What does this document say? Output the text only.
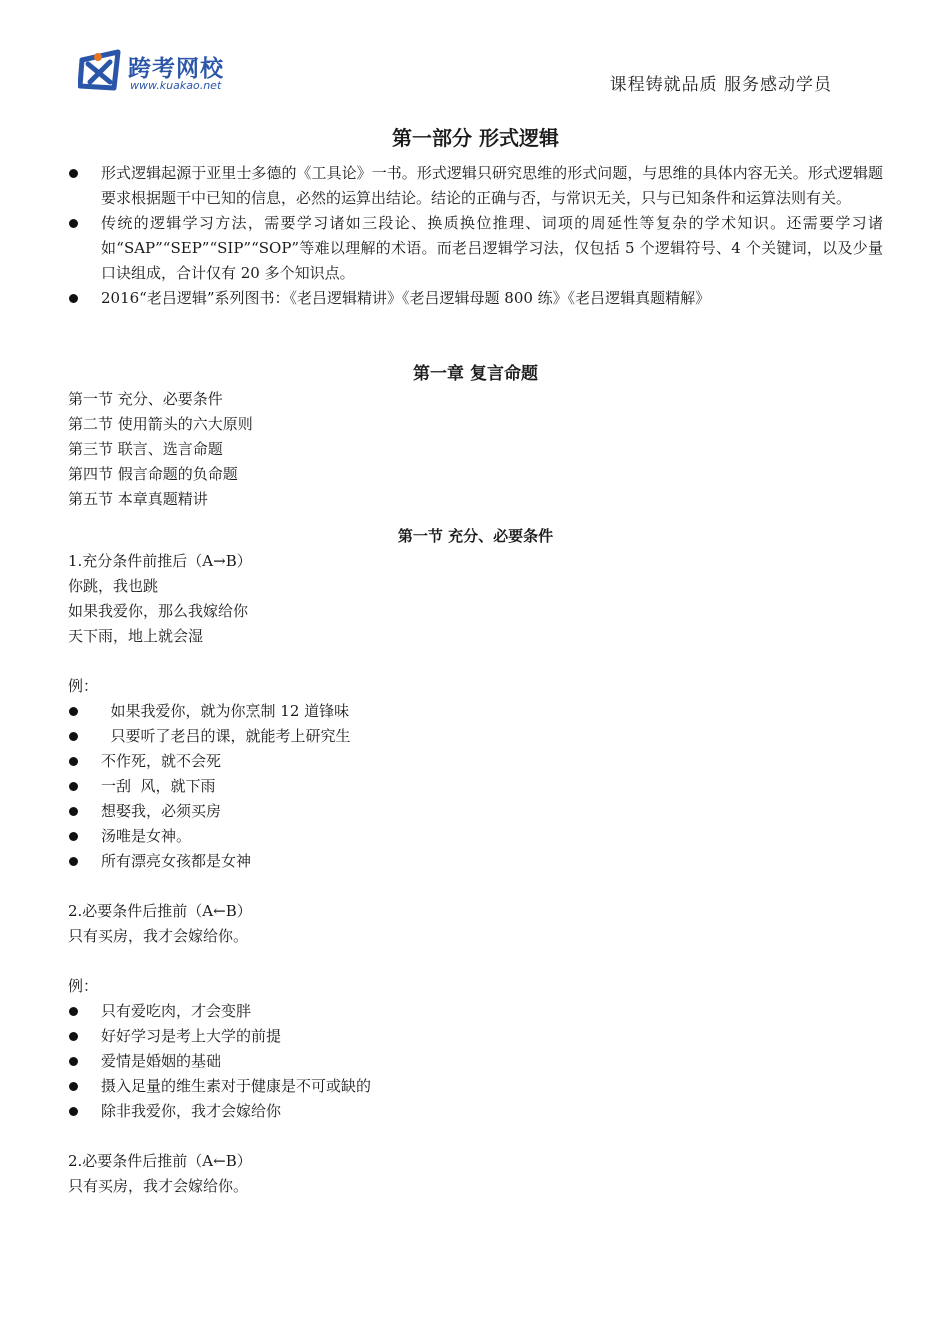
跨考网校
www.kuakao.net	课程铸就品质 服务感动学员
第一部分 形式逻辑
形式逻辑起源于亚里士多德的《工具论》一书。形式逻辑只研究思维的形式问题，与思维的具体内容无关。形式逻辑题要求根据题干中已知的信息，必然的运算出结论。结论的正确与否，与常识无关，只与已知条件和运算法则有关。
传统的逻辑学习方法，需要学习诸如三段论、换质换位推理、词项的周延性等复杂的学术知识。还需要学习诸如“SAP”“SEP”“SIP”“SOP”等难以理解的术语。而老吕逻辑学习法，仅包括 5 个逻辑符号、4 个关键词，以及少量口诀组成，合计仅有 20 多个知识点。
2016“老吕逻辑”系列图书：《老吕逻辑精讲》《老吕逻辑母题 800 练》《老吕逻辑真题精解》
第一章 复言命题
第一节 充分、必要条件
第二节 使用箭头的六大原则
第三节 联言、选言命题
第四节 假言命题的负命题
第五节 本章真题精讲
第一节 充分、必要条件
1.充分条件前推后（A→B）
你跳，我也跳
如果我爱你，那么我嫁给你
天下雨，地上就会湿
例：
如果我爱你，就为你烹制 12 道锋味
只要听了老吕的课，就能考上研究生
不作死，就不会死
一刮  风，就下雨
想娶我，必须买房
汤唯是女神。
所有漂亮女孩都是女神
2.必要条件后推前（A←B）
只有买房，我才会嫁给你。
例：
只有爱吃肉，才会变胖
好好学习是考上大学的前提
爱情是婚姻的基础
摄入足量的维生素对于健康是不可或缺的
除非我爱你，我才会嫁给你
2.必要条件后推前（A←B）
只有买房，我才会嫁给你。
